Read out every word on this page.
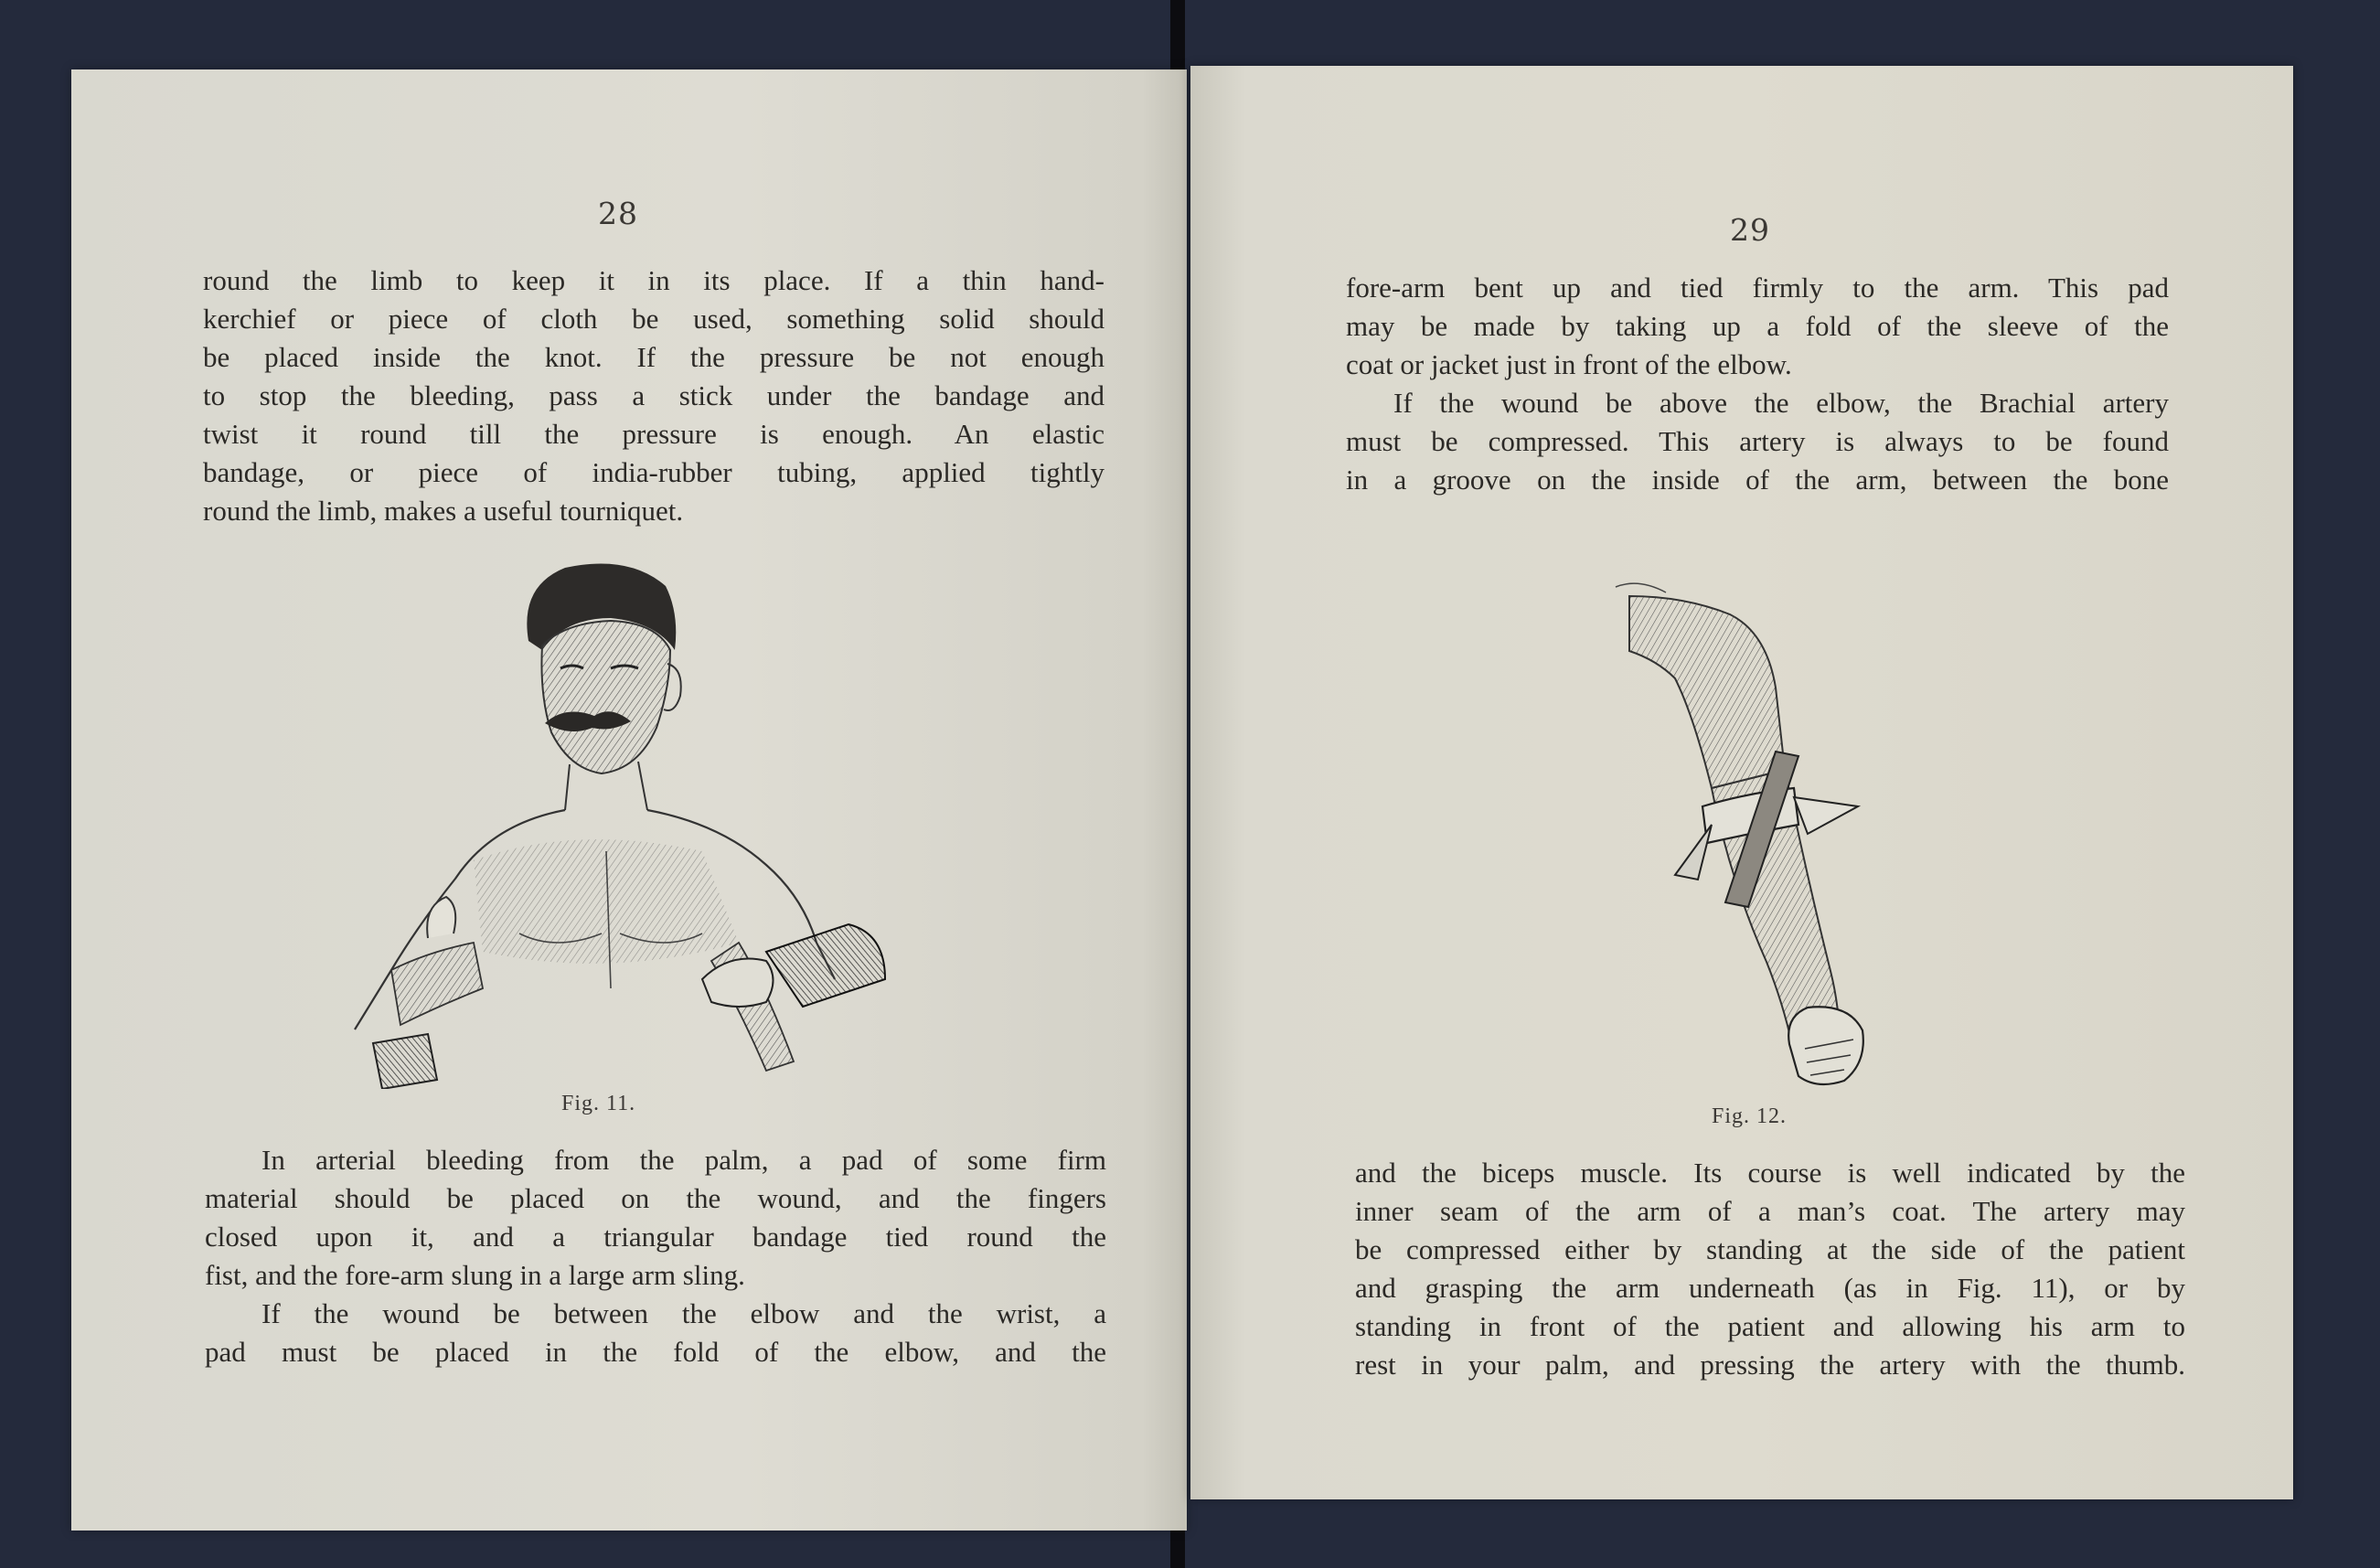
28
round the limb to keep it in its place. If a thin hand-
kerchief or piece of cloth be used, something solid should
be placed inside the knot. If the pressure be not enough
to stop the bleeding, pass a stick under the bandage and
twist it round till the pressure is enough. An elastic
bandage, or piece of india-rubber tubing, applied tightly
round the limb, makes a useful tourniquet.
Fig. 11.
In arterial bleeding from the palm, a pad of some firm
material should be placed on the wound, and the fingers
closed upon it, and a triangular bandage tied round the
fist, and the fore-arm slung in a large arm sling.
If the wound be between the elbow and the wrist, a
pad must be placed in the fold of the elbow, and the
29
fore-arm bent up and tied firmly to the arm. This pad
may be made by taking up a fold of the sleeve of the
coat or jacket just in front of the elbow.
If the wound be above the elbow, the Brachial artery
must be compressed. This artery is always to be found
in a groove on the inside of the arm, between the bone
Fig. 12.
and the biceps muscle. Its course is well indicated by the
inner seam of the arm of a man’s coat. The artery may
be compressed either by standing at the side of the patient
and grasping the arm underneath (as in Fig. 11), or by
standing in front of the patient and allowing his arm to
rest in your palm, and pressing the artery with the thumb.
